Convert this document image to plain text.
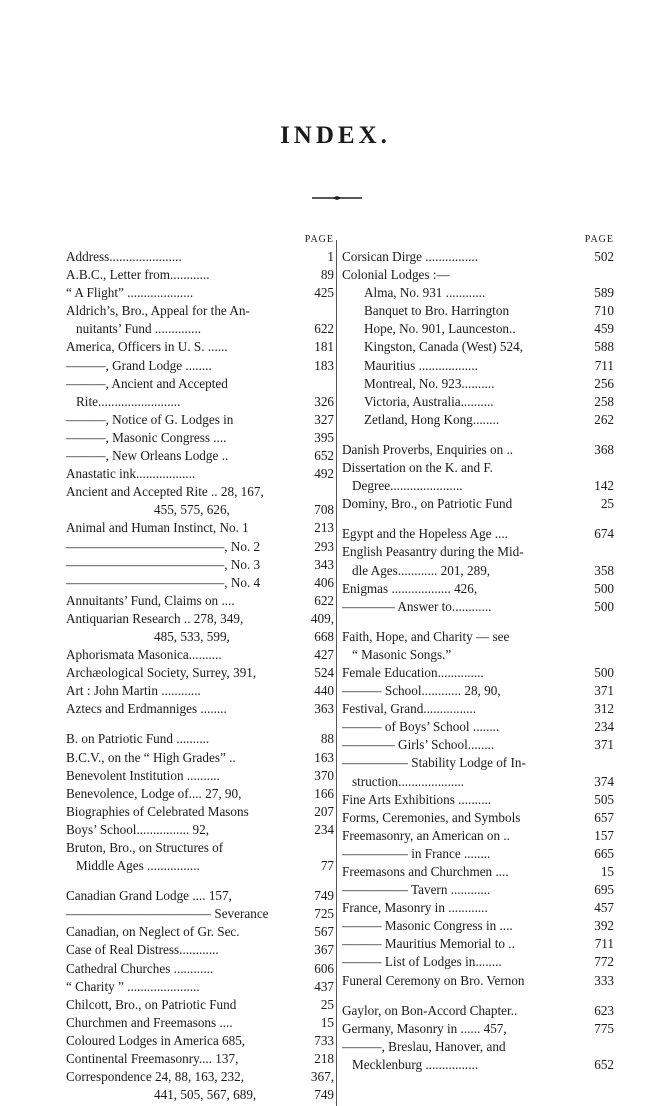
INDEX.
PAGE
Address......................	1
A.B.C., Letter from............	89
“ A Flight” ....................	425
Aldrich’s, Bro., Appeal for the An-
nuitants’ Fund ..............	622
America, Officers in U. S. ......	181
———, Grand Lodge ........	183
———, Ancient and Accepted
Rite.........................	326
———, Notice of G. Lodges in	327
———, Masonic Congress ....	395
———, New Orleans Lodge ..	652
Anastatic ink..................	492
Ancient and Accepted Rite .. 28, 167,
455, 575, 626,	708
Animal and Human Instinct, No. 1	213
————————————, No. 2	293
————————————, No. 3	343
————————————, No. 4	406
Annuitants’ Fund, Claims on ....	622
Antiquarian Research .. 278, 349,	409,
485, 533, 599,	668
Aphorismata Masonica..........	427
Archæological Society, Surrey, 391,	524
Art : John Martin ............	440
Aztecs and Erdmanniges ........	363
B. on Patriotic Fund ..........	88
B.C.V., on the “ High Grades” ..	163
Benevolent Institution ..........	370
Benevolence, Lodge of.... 27, 90,	166
Biographies of Celebrated Masons	207
Boys’ School................ 92,	234
Bruton, Bro., on Structures of
Middle Ages ................	77
Canadian Grand Lodge .... 157,	749
——————————— Severance	725
Canadian, on Neglect of Gr. Sec.	567
Case of Real Distress............	367
Cathedral Churches ............	606
“ Charity ” ......................	437
Chilcott, Bro., on Patriotic Fund	25
Churchmen and Freemasons ....	15
Coloured Lodges in America 685,	733
Continental Freemasonry.... 137,	218
Correspondence 24, 88, 163, 232,	367,
441, 505, 567, 689,	749
PAGE
Corsican Dirge ................	502
Colonial Lodges :—
Alma, No. 931 ............	589
Banquet to Bro. Harrington	710
Hope, No. 901, Launceston..	459
Kingston, Canada (West) 524,	588
Mauritius ..................	711
Montreal, No. 923..........	256
Victoria, Australia..........	258
Zetland, Hong Kong........	262
Danish Proverbs, Enquiries on ..	368
Dissertation on the K. and F.
Degree......................	142
Dominy, Bro., on Patriotic Fund	25
Egypt and the Hopeless Age ....	674
English Peasantry during the Mid-
dle Ages............ 201, 289,	358
Enigmas .................. 426,	500
———— Answer to............	500
Faith, Hope, and Charity — see
“ Masonic Songs.”
Female Education..............	500
——— School............ 28, 90,	371
Festival, Grand................	312
——— of Boys’ School ........	234
———— Girls’ School........	371
————— Stability Lodge of In-
struction....................	374
Fine Arts Exhibitions ..........	505
Forms, Ceremonies, and Symbols	657
Freemasonry, an American on ..	157
————— in France ........	665
Freemasons and Churchmen ....	15
————— Tavern ............	695
France, Masonry in ............	457
——— Masonic Congress in ....	392
——— Mauritius Memorial to ..	711
——— List of Lodges in........	772
Funeral Ceremony on Bro. Vernon	333
Gaylor, on Bon-Accord Chapter..	623
Germany, Masonry in ...... 457,	775
———, Breslau, Hanover, and
Mecklenburg ................	652
